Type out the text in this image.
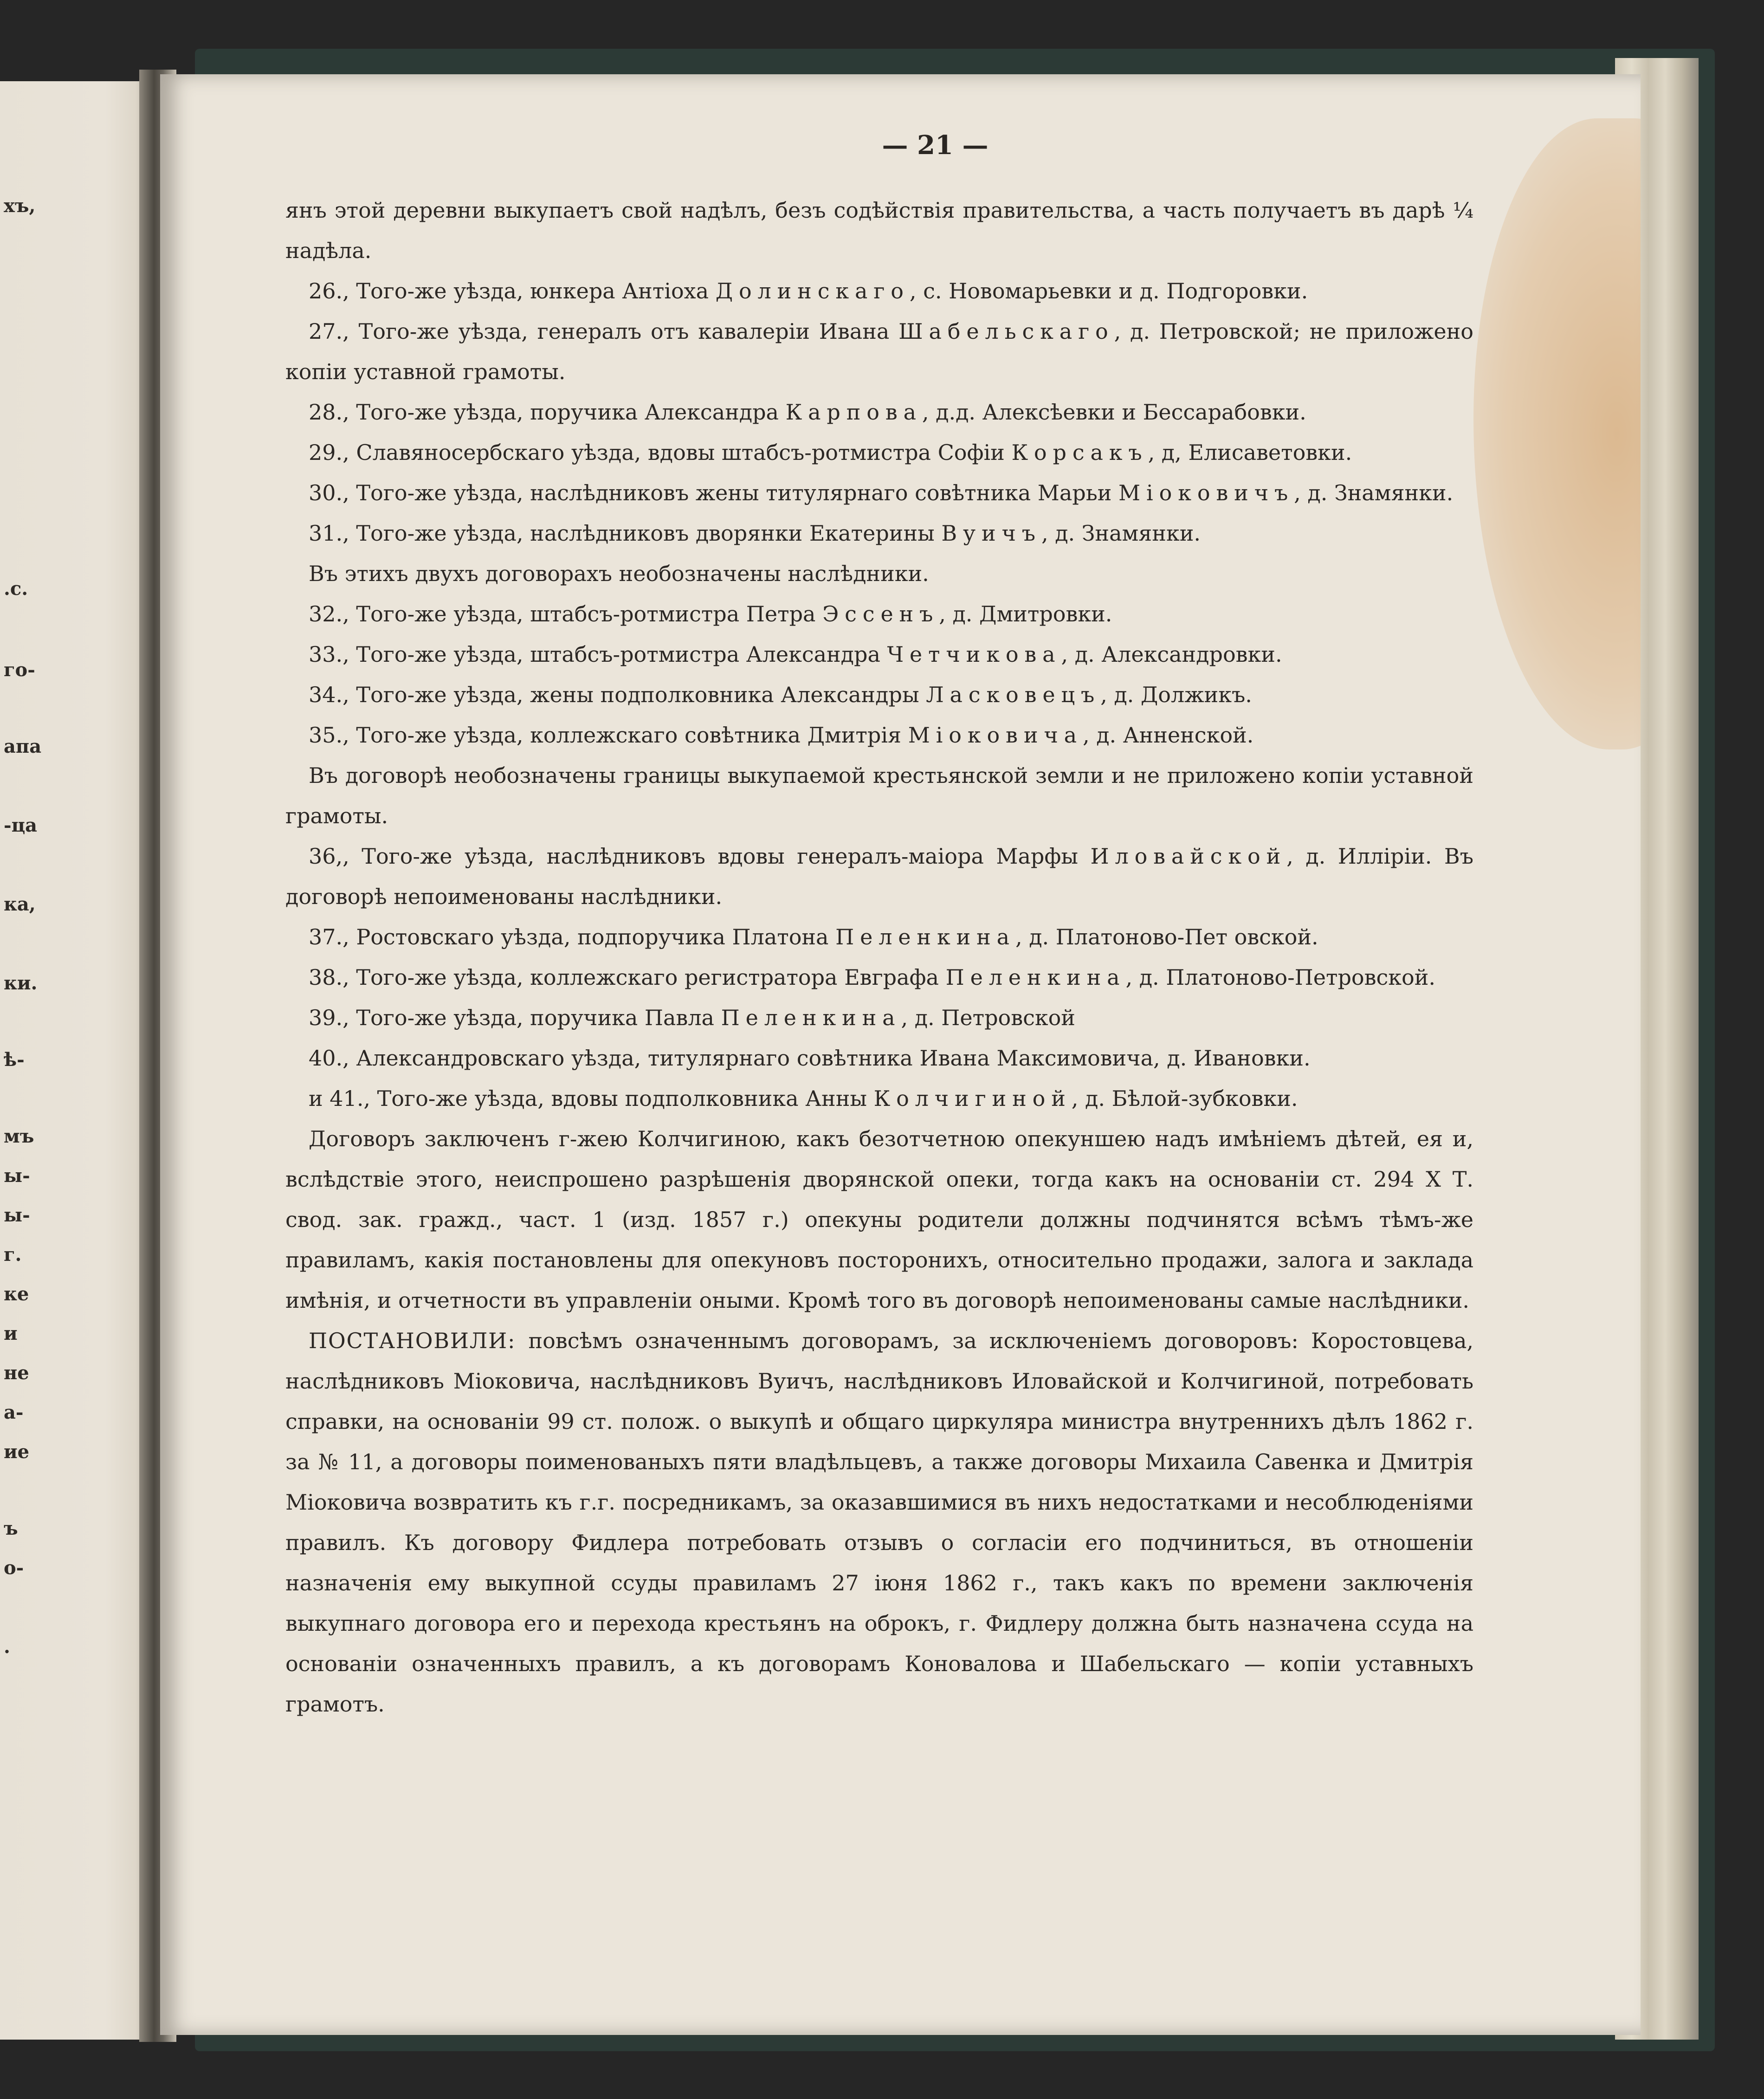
хъ,
.с.
го-
апа
-ца
ка,
ки.
ѣ-
мъ
ы-
ы-
г.
ке
и
не
а-
ие
ъ
о-
.
— 21 —

янъ этой деревни выкупаетъ свой надѣлъ, безъ содѣйствія правительства, а часть получаетъ въ дарѣ ¼ надѣла.

26., Того-же уѣзда, юнкера Антіоха Долинскаго, с. Новомарьевки и д. Подгоровки.

27., Того-же уѣзда, генералъ отъ кавалеріи Ивана Шабельскаго, д. Петровской; не приложено копіи уставной грамоты.

28., Того-же уѣзда, поручика Александра Карпова, д.д. Алексѣевки и Бессарабовки.

29., Славяносербскаго уѣзда, вдовы штабсъ-ротмистра Софіи Корсакъ, д, Елисаветовки.

30., Того-же уѣзда, наслѣдниковъ жены титулярнаго совѣтника Марьи Міоковичъ, д. Знамянки.

31., Того-же уѣзда, наслѣдниковъ дворянки Екатерины Вуичъ, д. Знамянки.

Въ этихъ двухъ договорахъ необозначены наслѣдники.

32., Того-же уѣзда, штабсъ-ротмистра Петра Эссенъ, д. Дмитровки.

33., Того-же уѣзда, штабсъ-ротмистра Александра Четчикова, д. Александровки.

34., Того-же уѣзда, жены подполковника Александры Ласковецъ, д. Должикъ.

35., Того-же уѣзда, коллежскаго совѣтника Дмитрія Міоковича, д. Анненской.

Въ договорѣ необозначены границы выкупаемой крестьянской земли и не приложено копіи уставной грамоты.

36,, Того-же уѣзда, наслѣдниковъ вдовы генералъ-маіора Марфы Иловайской, д. Илліріи. Въ договорѣ непоименованы наслѣдники.

37., Ростовскаго уѣзда, подпоручика Платона Пеленкина, д. Платоново-Пет овской.

38., Того-же уѣзда, коллежскаго регистратора Евграфа Пеленкина, д. Платоново-Петровской.

39., Того-же уѣзда, поручика Павла Пеленкина, д. Петровской

40., Александровскаго уѣзда, титулярнаго совѣтника Ивана Максимовича, д. Ивановки.

и 41., Того-же уѣзда, вдовы подполковника Анны Колчигиной, д. Бѣлой-зубковки.

Договоръ заключенъ г-жею Колчигиною, какъ безотчетною опекуншею надъ имѣніемъ дѣтей, ея и, вслѣдствіе этого, неиспрошено разрѣшенія дворянской опеки, тогда какъ на основаніи ст. 294 X Т. свод. зак. гражд., част. 1 (изд. 1857 г.) опекуны родители должны подчинятся всѣмъ тѣмъ-же правиламъ, какія постановлены для опекуновъ посторонихъ, относительно продажи, залога и заклада имѣнія, и отчетности въ управленіи оными. Кромѣ того въ договорѣ непоименованы самые наслѣдники.

ПОСТАНОВИЛИ: повсѣмъ означеннымъ договорамъ, за исключеніемъ договоровъ: Коростовцева, наслѣдниковъ Міоковича, наслѣдниковъ Вуичъ, наслѣдниковъ Иловайской и Колчигиной, потребовать справки, на основаніи 99 ст. полож. о выкупѣ и общаго циркуляра министра внутреннихъ дѣлъ 1862 г. за № 11, а договоры поименованыхъ пяти владѣльцевъ, а также договоры Михаила Савенка и Дмитрія Міоковича возвратить къ г.г. посредникамъ, за оказавшимися въ нихъ недостатками и несоблюденіями правилъ. Къ договору Фидлера потребовать отзывъ о согласіи его подчиниться, въ отношеніи назначенія ему выкупной ссуды правиламъ 27 іюня 1862 г., такъ какъ по времени заключенія выкупнаго договора его и перехода крестьянъ на оброкъ, г. Фидлеру должна быть назначена ссуда на основаніи означенныхъ правилъ, а къ договорамъ Коновалова и Шабельскаго — копіи уставныхъ грамотъ.
